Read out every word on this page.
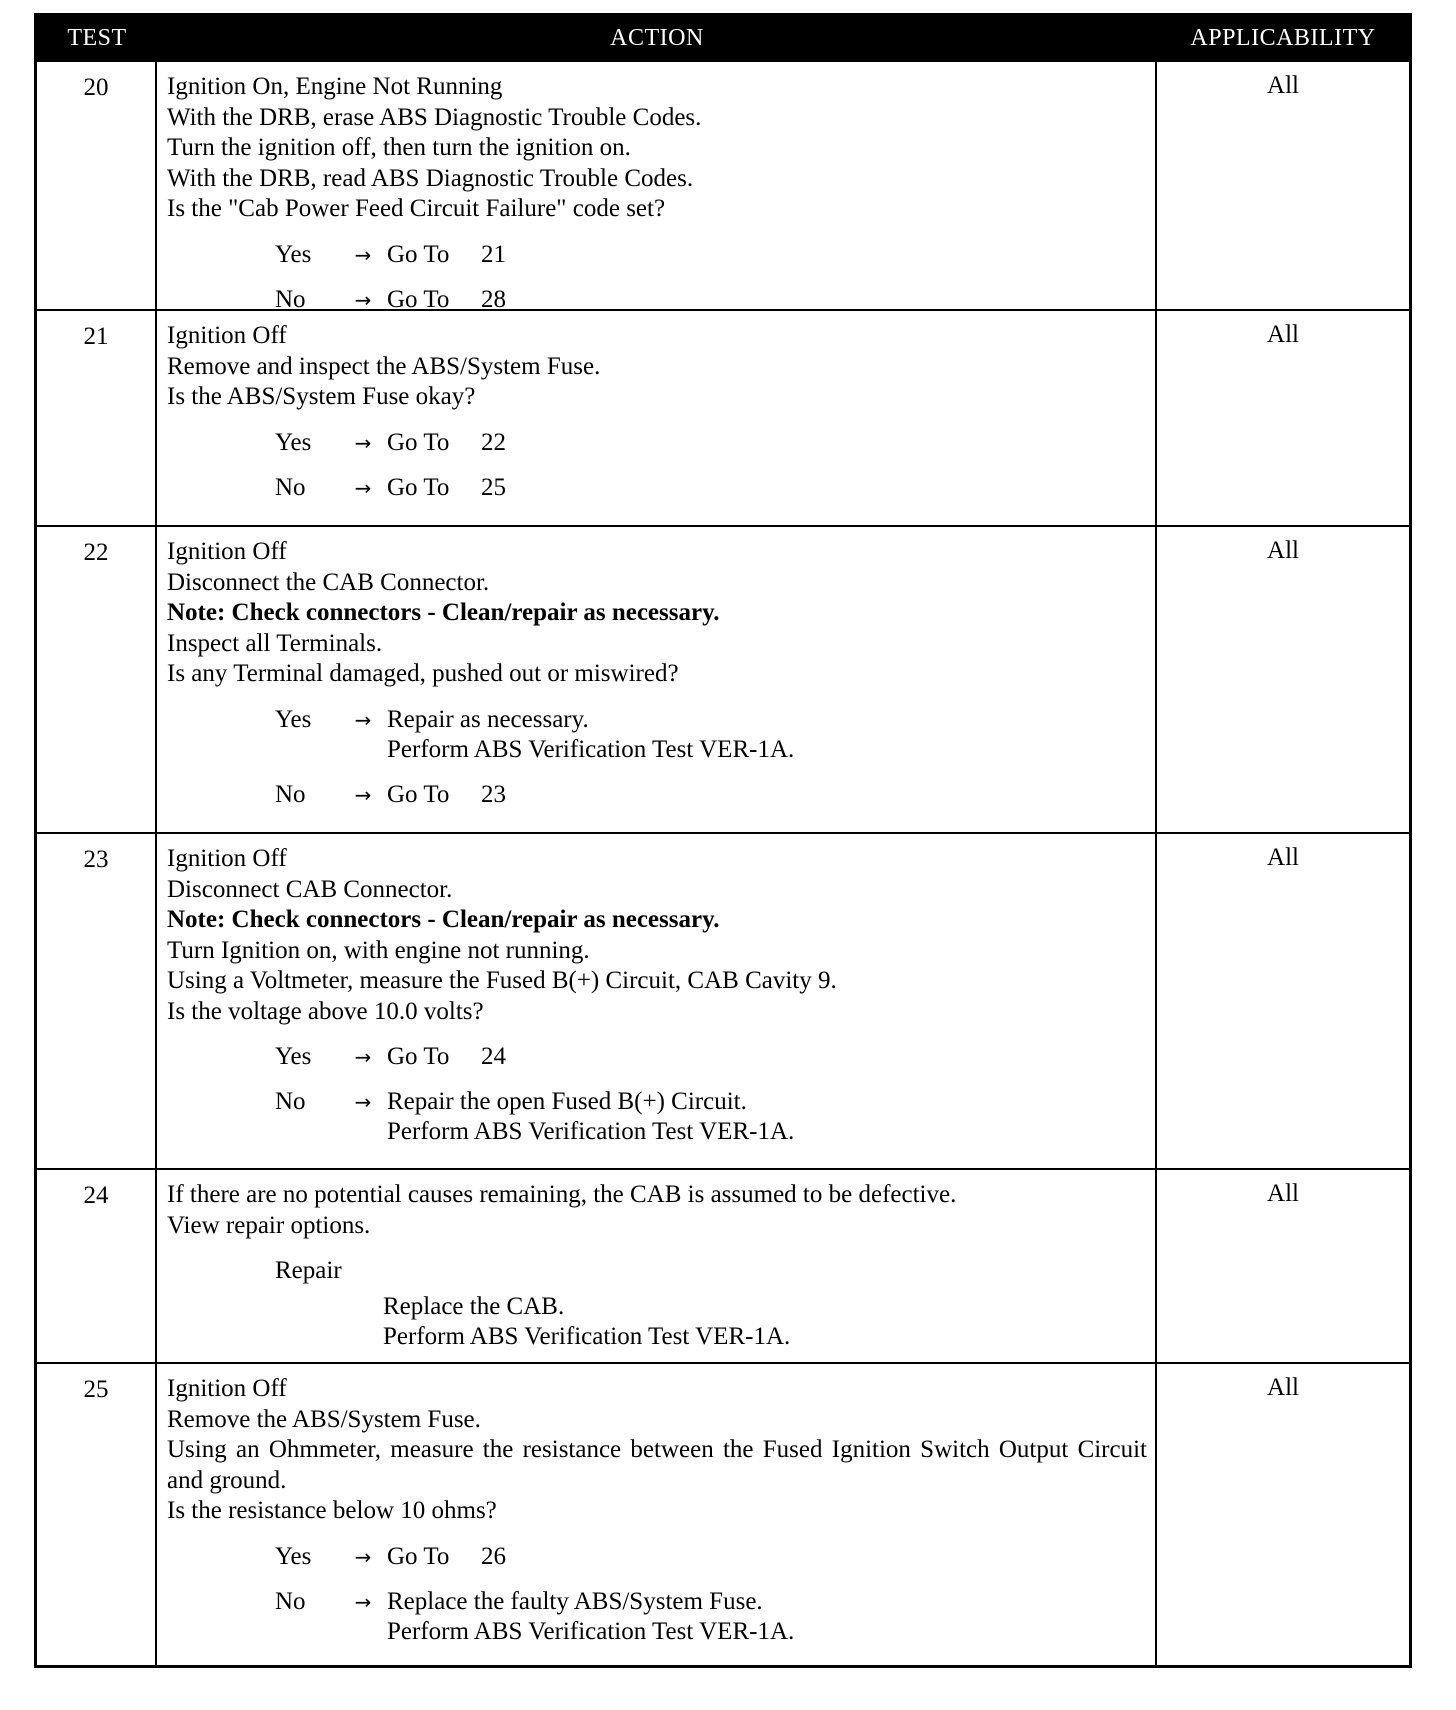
TEST	ACTION	APPLICABILITY
20	Ignition On, Engine Not Running
With the DRB, erase ABS Diagnostic Trouble Codes.
Turn the ignition off, then turn the ignition on.
With the DRB, read ABS Diagnostic Trouble Codes.
Is the "Cab Power Feed Circuit Failure" code set?
Yes	→ Go To 21
No	→ Go To 28
All
21	Ignition Off
Remove and inspect the ABS/System Fuse.
Is the ABS/System Fuse okay?
Yes	→ Go To 22
No	→ Go To 25
All
22	Ignition Off
Disconnect the CAB Connector.
Note: Check connectors - Clean/repair as necessary.
Inspect all Terminals.
Is any Terminal damaged, pushed out or miswired?
Yes	→ Repair as necessary.
Perform ABS Verification Test VER-1A.
No	→ Go To 23
All
23	Ignition Off
Disconnect CAB Connector.
Note: Check connectors - Clean/repair as necessary.
Turn Ignition on, with engine not running.
Using a Voltmeter, measure the Fused B(+) Circuit, CAB Cavity 9.
Is the voltage above 10.0 volts?
Yes	→ Go To 24
No	→ Repair the open Fused B(+) Circuit.
Perform ABS Verification Test VER-1A.
All
24	If there are no potential causes remaining, the CAB is assumed to be defective.
View repair options.
Repair
Replace the CAB.
Perform ABS Verification Test VER-1A.
All
25	Ignition Off
Remove the ABS/System Fuse.
Using an Ohmmeter, measure the resistance between the Fused Ignition Switch Output Circuit and ground.
Is the resistance below 10 ohms?
Yes	→ Go To 26
No	→ Replace the faulty ABS/System Fuse.
Perform ABS Verification Test VER-1A.
All
